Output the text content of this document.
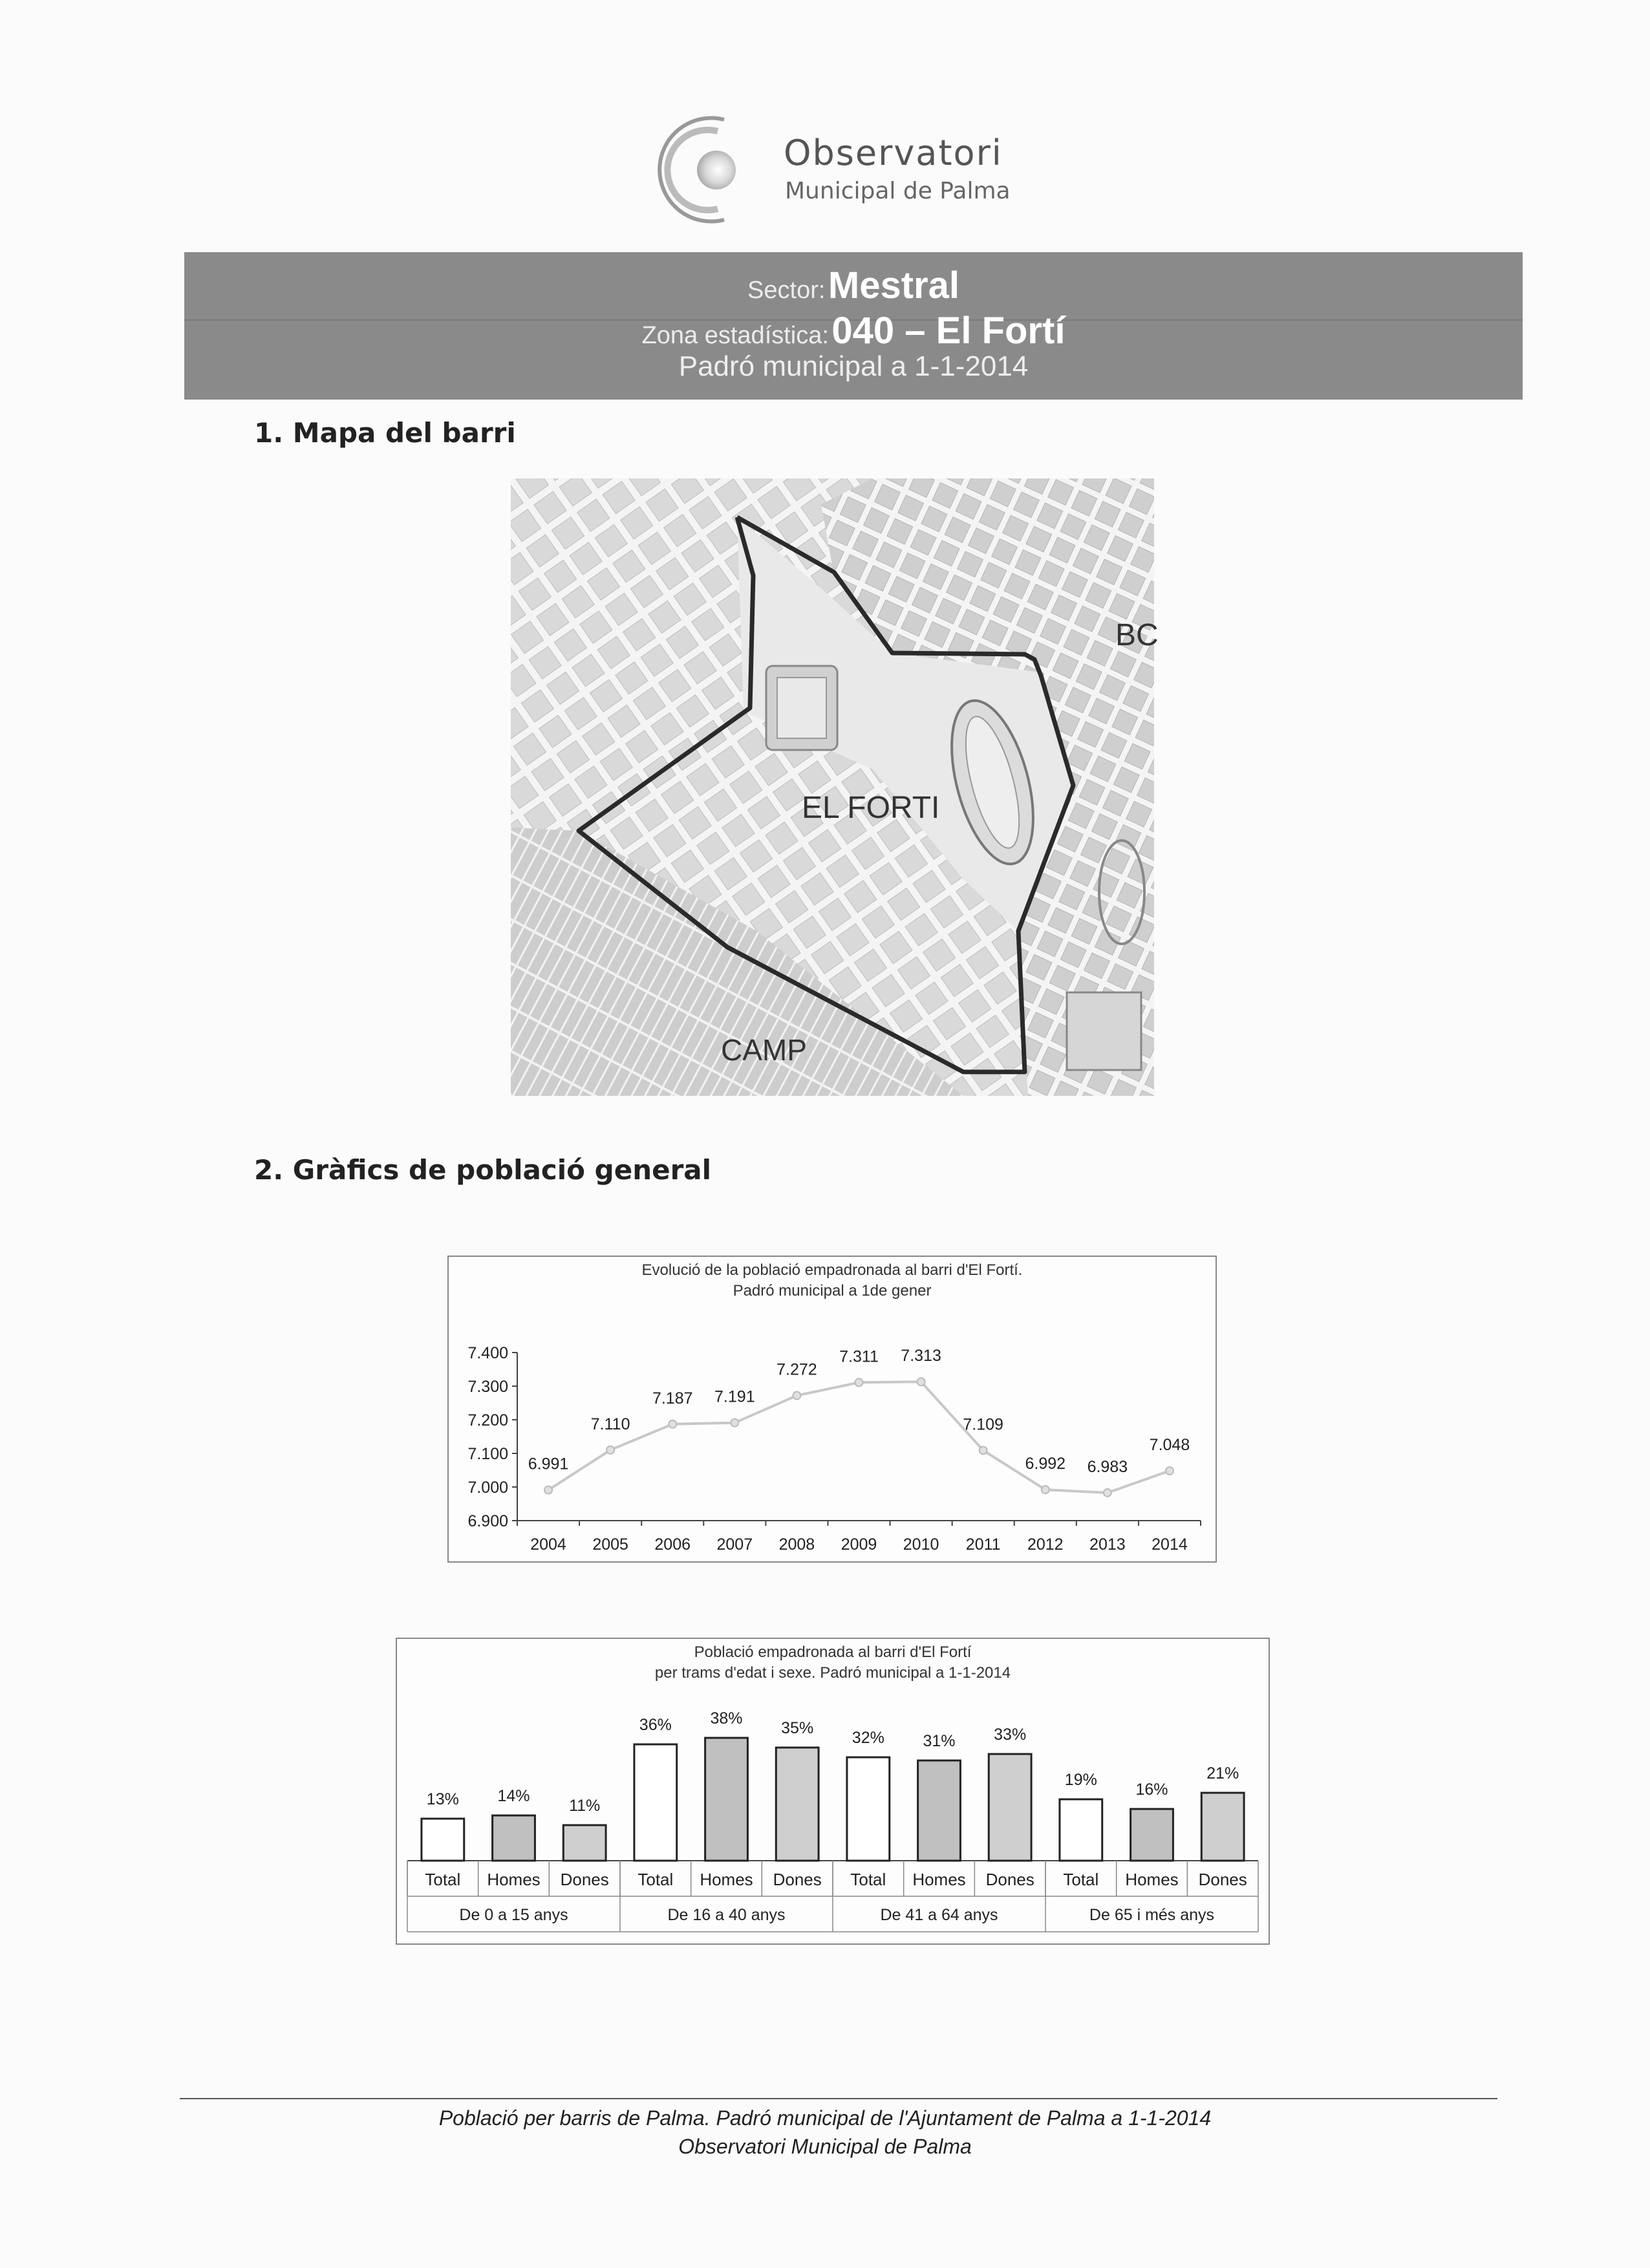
Observatori
Municipal de Palma
Sector: Mestral
Zona estadística: 040 – El Fortí
Padró municipal a 1-1-2014
1. Mapa del barri
EL FORTI
CAMP
BC
2. Gràfics de població general
Evolució de la població empadronada al barri d'El Fortí.
Padró municipal a 1de gener
6.900
7.000
7.100
7.200
7.300
7.400
2004 2005 2006 2007 2008 2009 2010 2011 2012 2013 2014
6.991
7.110
7.187 7.191
7.272
7.311 7.313
7.109
6.992 6.983
7.048
Població empadronada al barri d'El Fortí
per trams d'edat i sexe. Padró municipal a 1-1-2014
13% 14%
11%
36% 38%
35%
32% 31% 33%
19%
16%
21%
Total Homes Dones Total Homes Dones Total Homes Dones Total Homes Dones
De 0 a 15 anys	De 16 a 40 anys	De 41 a 64 anys	De 65 i més anys
Població per barris de Palma. Padró municipal de l'Ajuntament de Palma a 1-1-2014
Observatori Municipal de Palma
